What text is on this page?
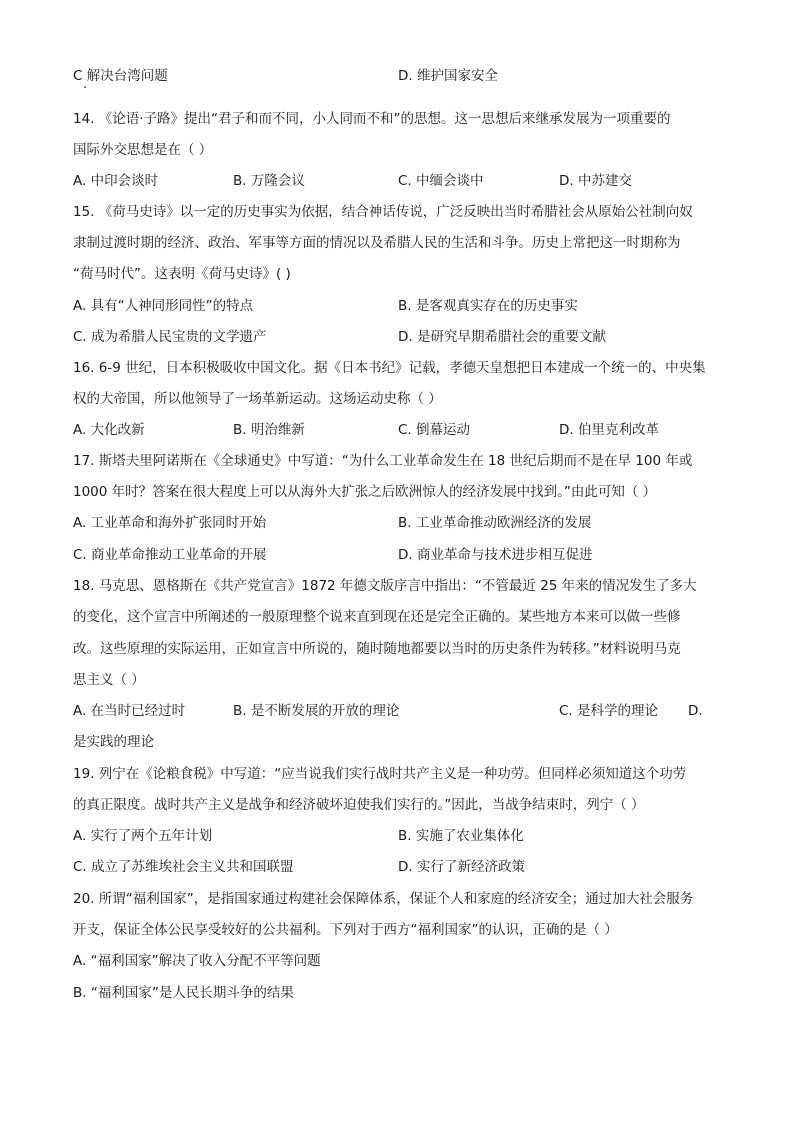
C 解决台湾问题	D. 维护国家安全
14. 《论语·子路》提出“君子和而不同，小人同而不和”的思想。这一思想后来继承发展为一项重要的
国际外交思想是在（ ）
A. 中印会谈时	B. 万隆会议	C. 中缅会谈中	D. 中苏建交
15. 《荷马史诗》以一定的历史事实为依据，结合神话传说，广泛反映出当时希腊社会从原始公社制向奴
隶制过渡时期的经济、政治、军事等方面的情况以及希腊人民的生活和斗争。历史上常把这一时期称为
“荷马时代”。这表明《荷马史诗》( )
A. 具有“人神同形同性”的特点	B. 是客观真实存在的历史事实
C. 成为希腊人民宝贵的文学遗产	D. 是研究早期希腊社会的重要文献
16. 6-9 世纪，日本积极吸收中国文化。据《日本书纪》记载，孝德天皇想把日本建成一个统一的、中央集
权的大帝国，所以他领导了一场革新运动。这场运动史称（ ）
A. 大化改新	B. 明治维新	C. 倒幕运动	D. 伯里克利改革
17. 斯塔夫里阿诺斯在《全球通史》中写道：“为什么工业革命发生在 18 世纪后期而不是在早 100 年或
1000 年时？答案在很大程度上可以从海外大扩张之后欧洲惊人的经济发展中找到。”由此可知（ ）
A. 工业革命和海外扩张同时开始	B. 工业革命推动欧洲经济的发展
C. 商业革命推动工业革命的开展	D. 商业革命与技术进步相互促进
18. 马克思、恩格斯在《共产党宣言》1872 年德文版序言中指出：“不管最近 25 年来的情况发生了多大
的变化，这个宣言中所阐述的一般原理整个说来直到现在还是完全正确的。某些地方本来可以做一些修
改。这些原理的实际运用，正如宣言中所说的，随时随地都要以当时的历史条件为转移。”材料说明马克
思主义（ ）
A. 在当时已经过时	B. 是不断发展的开放的理论	C. 是科学的理论 D.
是实践的理论
19. 列宁在《论粮食税》中写道：“应当说我们实行战时共产主义是一种功劳。但同样必须知道这个功劳
的真正限度。战时共产主义是战争和经济破坏迫使我们实行的。”因此，当战争结束时，列宁（ ）
A. 实行了两个五年计划	B. 实施了农业集体化
C. 成立了苏维埃社会主义共和国联盟	D. 实行了新经济政策
20. 所谓“福利国家”，是指国家通过构建社会保障体系，保证个人和家庭的经济安全；通过加大社会服务
开支，保证全体公民享受较好的公共福利。下列对于西方“福利国家”的认识，正确的是（ ）
A. “福利国家”解决了收入分配不平等问题
B. “福利国家”是人民长期斗争的结果
